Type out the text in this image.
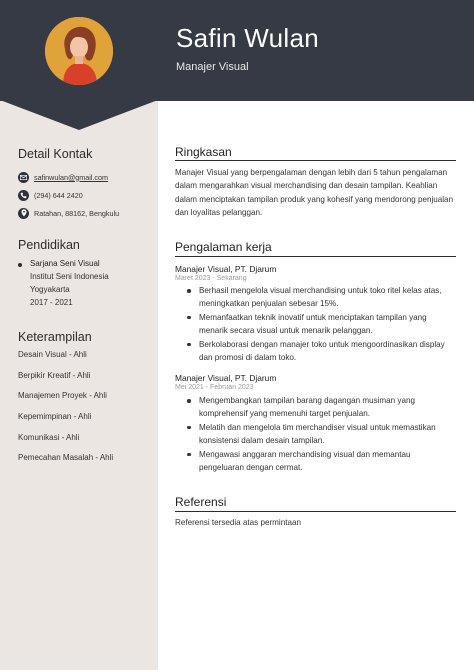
Safin Wulan
Manajer Visual
Detail Kontak
safinwulan@gmail.com
(294) 644 2420
Ratahan, 88162, Bengkulu
Pendidikan
Sarjana Seni Visual
Institut Seni Indonesia
Yogyakarta
2017 - 2021
Keterampilan
Desain Visual - Ahli
Berpikir Kreatif - Ahli
Manajemen Proyek - Ahli
Kepemimpinan - Ahli
Komunikasi - Ahli
Pemecahan Masalah - Ahli
Ringkasan
Manajer Visual yang berpengalaman dengan lebih dari 5 tahun pengalaman dalam mengarahkan visual merchandising dan desain tampilan. Keahlian dalam menciptakan tampilan produk yang kohesif yang mendorong penjualan dan loyalitas pelanggan.
Pengalaman kerja
Manajer Visual, PT. Djarum
Maret 2023 - Sekarang
Berhasil mengelola visual merchandising untuk toko ritel kelas atas, meningkatkan penjualan sebesar 15%.
Memanfaatkan teknik inovatif untuk menciptakan tampilan yang menarik secara visual untuk menarik pelanggan.
Berkolaborasi dengan manajer toko untuk mengoordinasikan display dan promosi di dalam toko.
Manajer Visual, PT. Djarum
Mei 2021 - Februari 2023
Mengembangkan tampilan barang dagangan musiman yang komprehensif yang memenuhi target penjualan.
Melatih dan mengelola tim merchandiser visual untuk memastikan konsistensi dalam desain tampilan.
Mengawasi anggaran merchandising visual dan memantau pengeluaran dengan cermat.
Referensi
Referensi tersedia atas permintaan
